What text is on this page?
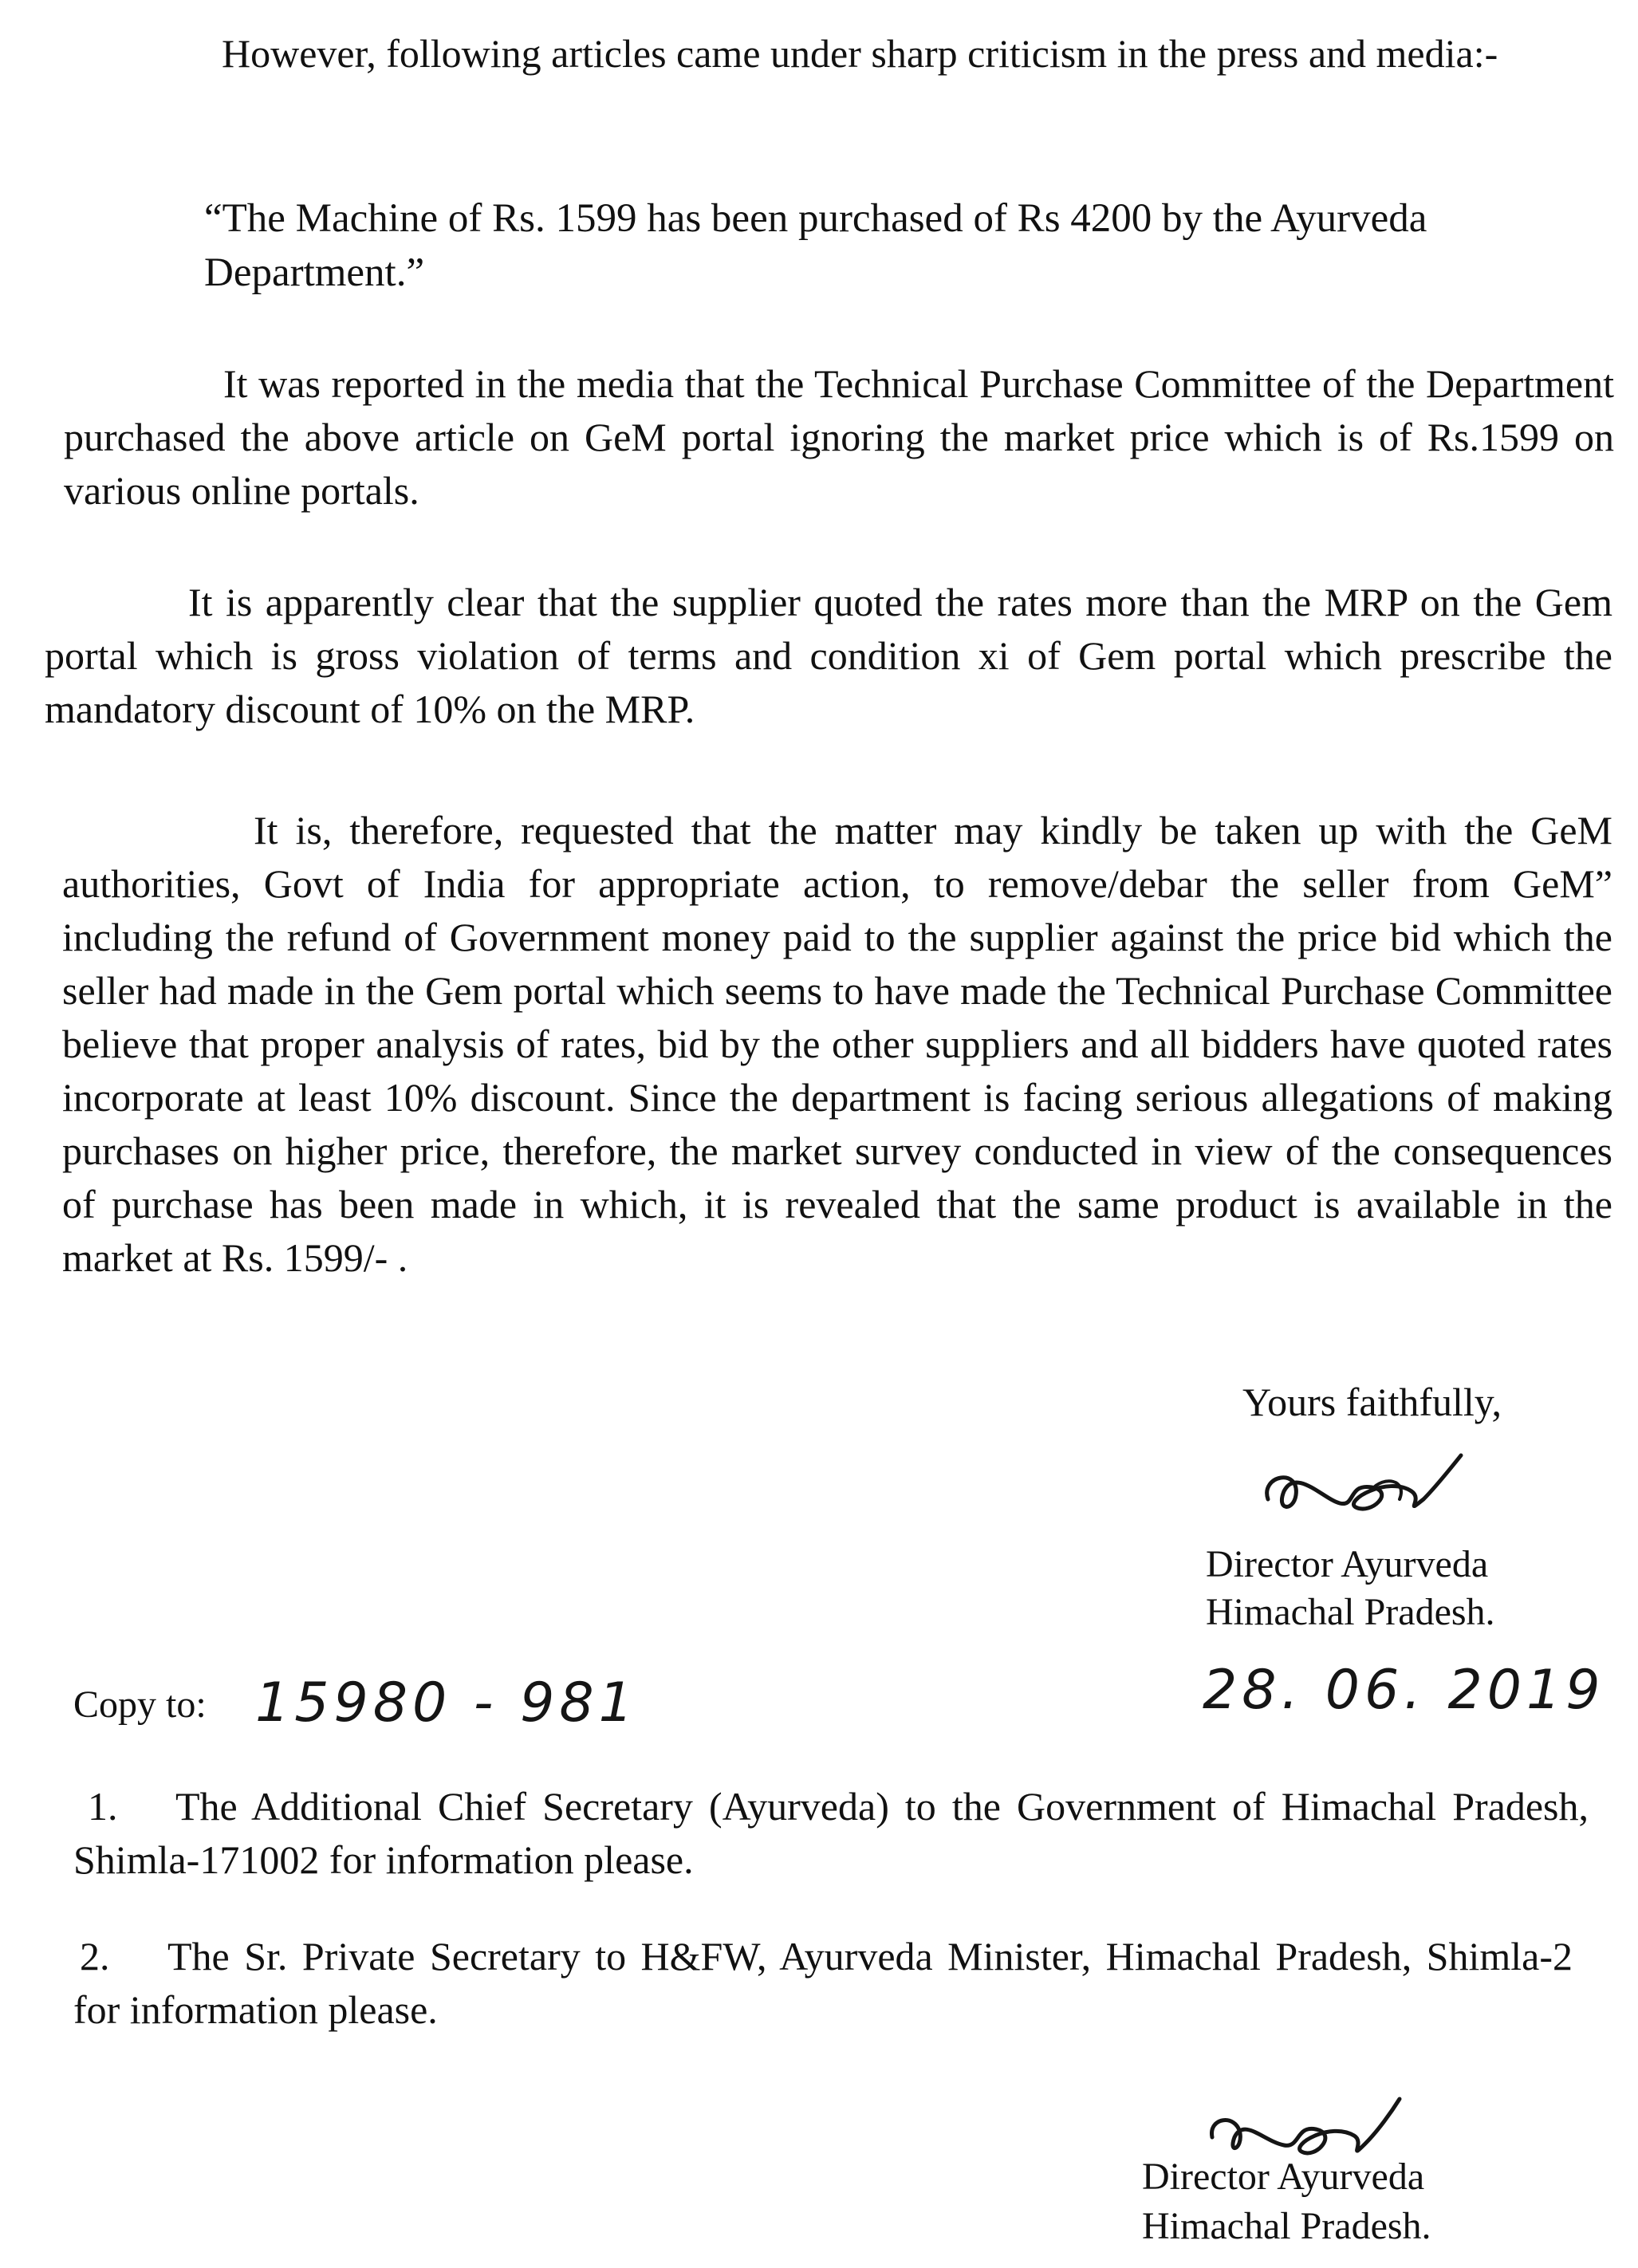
However, following articles came under sharp criticism in the press and media:-

“The Machine of Rs. 1599 has been purchased of Rs 4200 by the Ayurveda Department.”

It was reported in the media that the Technical Purchase Committee of the Department purchased the above article on GeM portal ignoring the market price which is of Rs.1599 on various online portals.

It is apparently clear that the supplier quoted the rates more than the MRP on the Gem portal which is gross violation of terms and condition xi of Gem portal which prescribe the mandatory discount of 10% on the MRP.

It is, therefore, requested that the matter may kindly be taken up with the GeM authorities, Govt of India for appropriate action, to remove/debar the seller from GeM” including the refund of Government money paid to the supplier against the price bid which the seller had made in the Gem portal which seems to have made the Technical Purchase Committee believe that proper analysis of rates, bid by the other suppliers and all bidders have quoted rates incorporate at least 10% discount. Since the department is facing serious allegations of making purchases on higher price, therefore, the market survey conducted in view of the consequences of purchase has been made in which, it is revealed that the same product is available in the market at Rs. 1599/- .

Yours faithfully,
Director Ayurveda
Himachal Pradesh.
Copy to: 15980 - 981	28. 06. 2019

1. The Additional Chief Secretary (Ayurveda) to the Government of Himachal Pradesh, Shimla-171002 for information please.

2. The Sr. Private Secretary to H&FW, Ayurveda Minister, Himachal Pradesh, Shimla-2 for information please.

Director Ayurveda
Himachal Pradesh.
